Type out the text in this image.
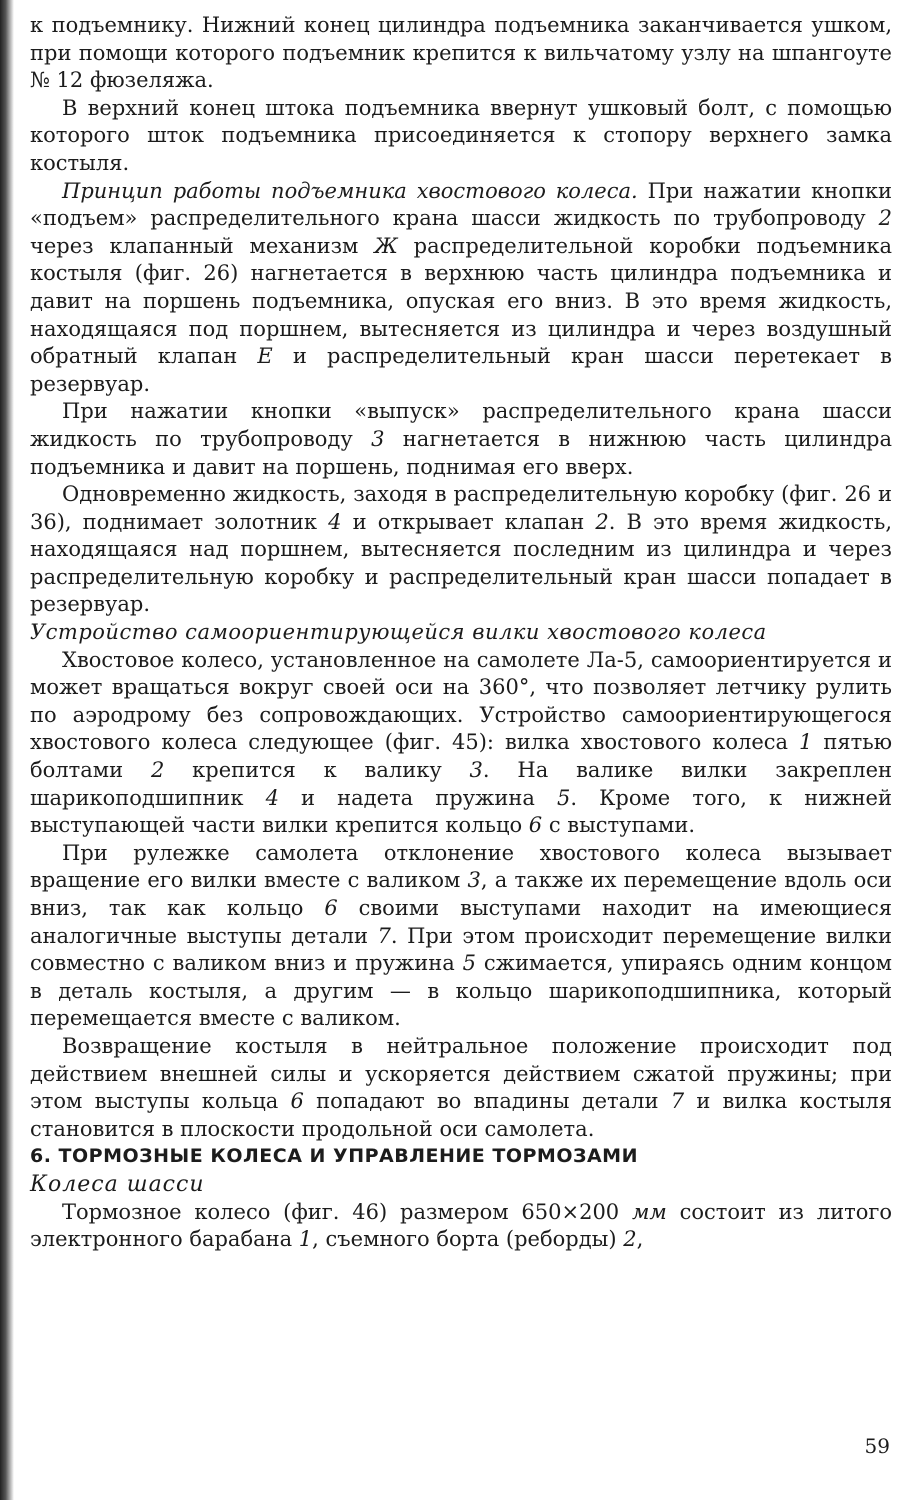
к подъемнику. Нижний конец цилиндра подъемника заканчивается ушком, при помощи которого подъемник крепится к вильчатому узлу на шпангоуте № 12 фюзеляжа.

В верхний конец штока подъемника ввернут ушковый болт, с помощью которого шток подъемника присоединяется к стопору верхнего замка костыля.

Принцип работы подъемника хвостового колеса. При нажатии кнопки «подъем» распределительного крана шасси жидкость по трубопроводу 2 через клапанный механизм Ж распределительной коробки подъемника костыля (фиг. 26) нагнетается в верхнюю часть цилиндра подъемника и давит на поршень подъемника, опуская его вниз. В это время жидкость, находящаяся под поршнем, вытесняется из цилиндра и через воздушный обратный клапан Е и распределительный кран шасси перетекает в резервуар.

При нажатии кнопки «выпуск» распределительного крана шасси жидкость по трубопроводу 3 нагнетается в нижнюю часть цилиндра подъемника и давит на поршень, поднимая его вверх.

Одновременно жидкость, заходя в распределительную коробку (фиг. 26 и 36), поднимает золотник 4 и открывает клапан 2. В это время жидкость, находящаяся над поршнем, вытесняется последним из цилиндра и через распределительную коробку и распределительный кран шасси попадает в резервуар.

Устройство самоориентирующейся вилки хвостового колеса

Хвостовое колесо, установленное на самолете Ла-5, самоориентируется и может вращаться вокруг своей оси на 360°, что позволяет летчику рулить по аэродрому без сопровождающих. Устройство самоориентирующегося хвостового колеса следующее (фиг. 45): вилка хвостового колеса 1 пятью болтами 2 крепится к валику 3. На валике вилки закреплен шарикоподшипник 4 и надета пружина 5. Кроме того, к нижней выступающей части вилки крепится кольцо 6 с выступами.

При рулежке самолета отклонение хвостового колеса вызывает вращение его вилки вместе с валиком 3, а также их перемещение вдоль оси вниз, так как кольцо 6 своими выступами находит на имеющиеся аналогичные выступы детали 7. При этом происходит перемещение вилки совместно с валиком вниз и пружина 5 сжимается, упираясь одним концом в деталь костыля, а другим — в кольцо шарикоподшипника, который перемещается вместе с валиком.

Возвращение костыля в нейтральное положение происходит под действием внешней силы и ускоряется действием сжатой пружины; при этом выступы кольца 6 попадают во впадины детали 7 и вилка костыля становится в плоскости продольной оси самолета.

6. ТОРМОЗНЫЕ КОЛЕСА И УПРАВЛЕНИЕ ТОРМОЗАМИ

Колеса шасси

Тормозное колесо (фиг. 46) размером 650×200 мм состоит из литого электронного барабана 1, съемного борта (реборды) 2,

59
